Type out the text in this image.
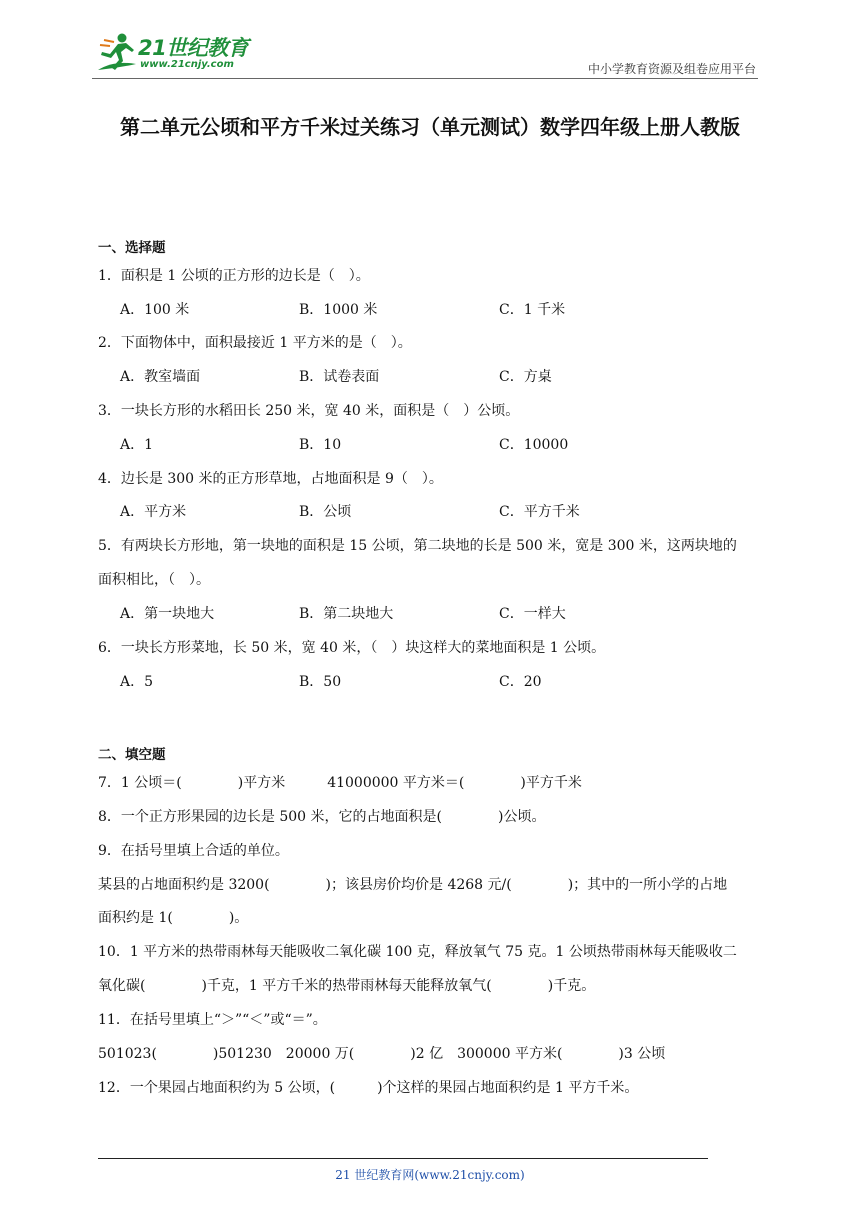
21世纪教育
www.21cnjy.com	中小学教育资源及组卷应用平台
第二单元公顷和平方千米过关练习（单元测试）数学四年级上册人教版
一、选择题
1．面积是 1 公顷的正方形的边长是（　）。
A．100 米	B．1000 米	C．1 千米
2．下面物体中，面积最接近 1 平方米的是（　）。
A．教室墙面	B．试卷表面	C．方桌
3．一块长方形的水稻田长 250 米，宽 40 米，面积是（　）公顷。
A．1	B．10	C．10000
4．边长是 300 米的正方形草地，占地面积是 9（　）。
A．平方米	B．公顷	C．平方千米
5．有两块长方形地，第一块地的面积是 15 公顷，第二块地的长是 500 米，宽是 300 米，这两块地的
面积相比，（　）。
A．第一块地大	B．第二块地大	C．一样大
6．一块长方形菜地，长 50 米，宽 40 米，（　）块这样大的菜地面积是 1 公顷。
A．5	B．50	C．20
二、填空题
7．1 公顷＝(　　　　)平方米　　　41000000 平方米＝(　　　　)平方千米
8．一个正方形果园的边长是 500 米，它的占地面积是(　　　　)公顷。
9．在括号里填上合适的单位。
某县的占地面积约是 3200(　　　　)；该县房价均价是 4268 元/(　　　　)；其中的一所小学的占地
面积约是 1(　　　　)。
10．1 平方米的热带雨林每天能吸收二氧化碳 100 克，释放氧气 75 克。1 公顷热带雨林每天能吸收二
氧化碳(　　　　)千克，1 平方千米的热带雨林每天能释放氧气(　　　　)千克。
11．在括号里填上“＞”“＜”或“＝”。
501023(　　　　)501230　20000 万(　　　　)2 亿　300000 平方米(　　　　)3 公顷
12．一个果园占地面积约为 5 公顷，(　　　)个这样的果园占地面积约是 1 平方千米。
21 世纪教育网(www.21cnjy.com)
